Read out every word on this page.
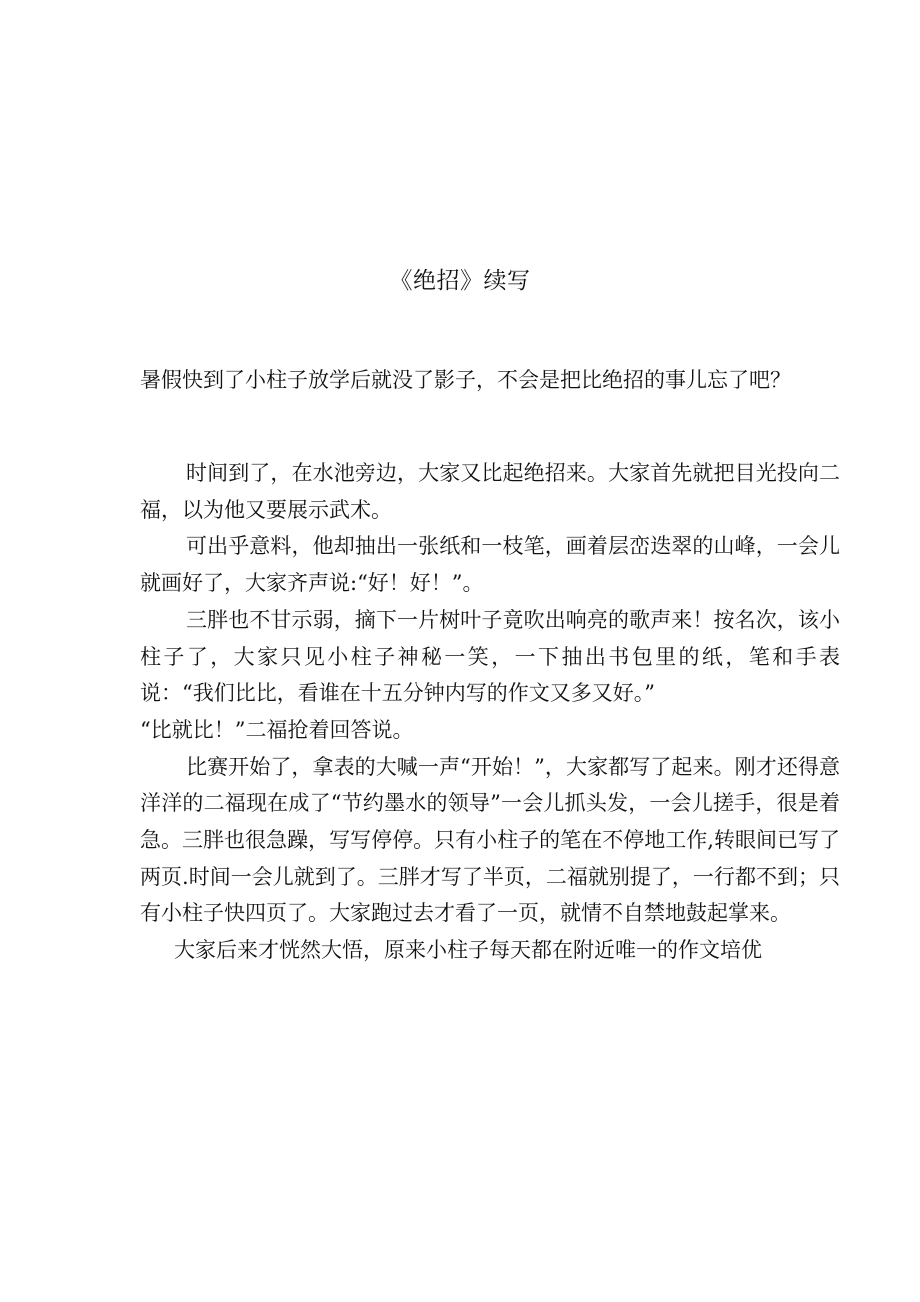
《绝招》续写
暑假快到了小柱子放学后就没了影子，不会是把比绝招的事儿忘了吧？

时间到了，在水池旁边，大家又比起绝招来。大家首先就把目光投向二福，以为他又要展示武术。

可出乎意料，他却抽出一张纸和一枝笔，画着层峦迭翠的山峰，一会儿就画好了，大家齐声说:“好！好！”。

三胖也不甘示弱，摘下一片树叶子竟吹出响亮的歌声来！按名次，该小柱子了，大家只见小柱子神秘一笑，一下抽出书包里的纸，笔和手表说：“我们比比，看谁在十五分钟内写的作文又多又好。”

“比就比！”二福抢着回答说。

比赛开始了，拿表的大喊一声“开始！”，大家都写了起来。刚才还得意洋洋的二福现在成了“节约墨水的领导”一会儿抓头发，一会儿搓手，很是着急。三胖也很急躁，写写停停。只有小柱子的笔在不停地工作,转眼间已写了两页.时间一会儿就到了。三胖才写了半页，二福就别提了，一行都不到；只有小柱子快四页了。大家跑过去才看了一页，就情不自禁地鼓起掌来。

大家后来才恍然大悟，原来小柱子每天都在附近唯一的作文培优
